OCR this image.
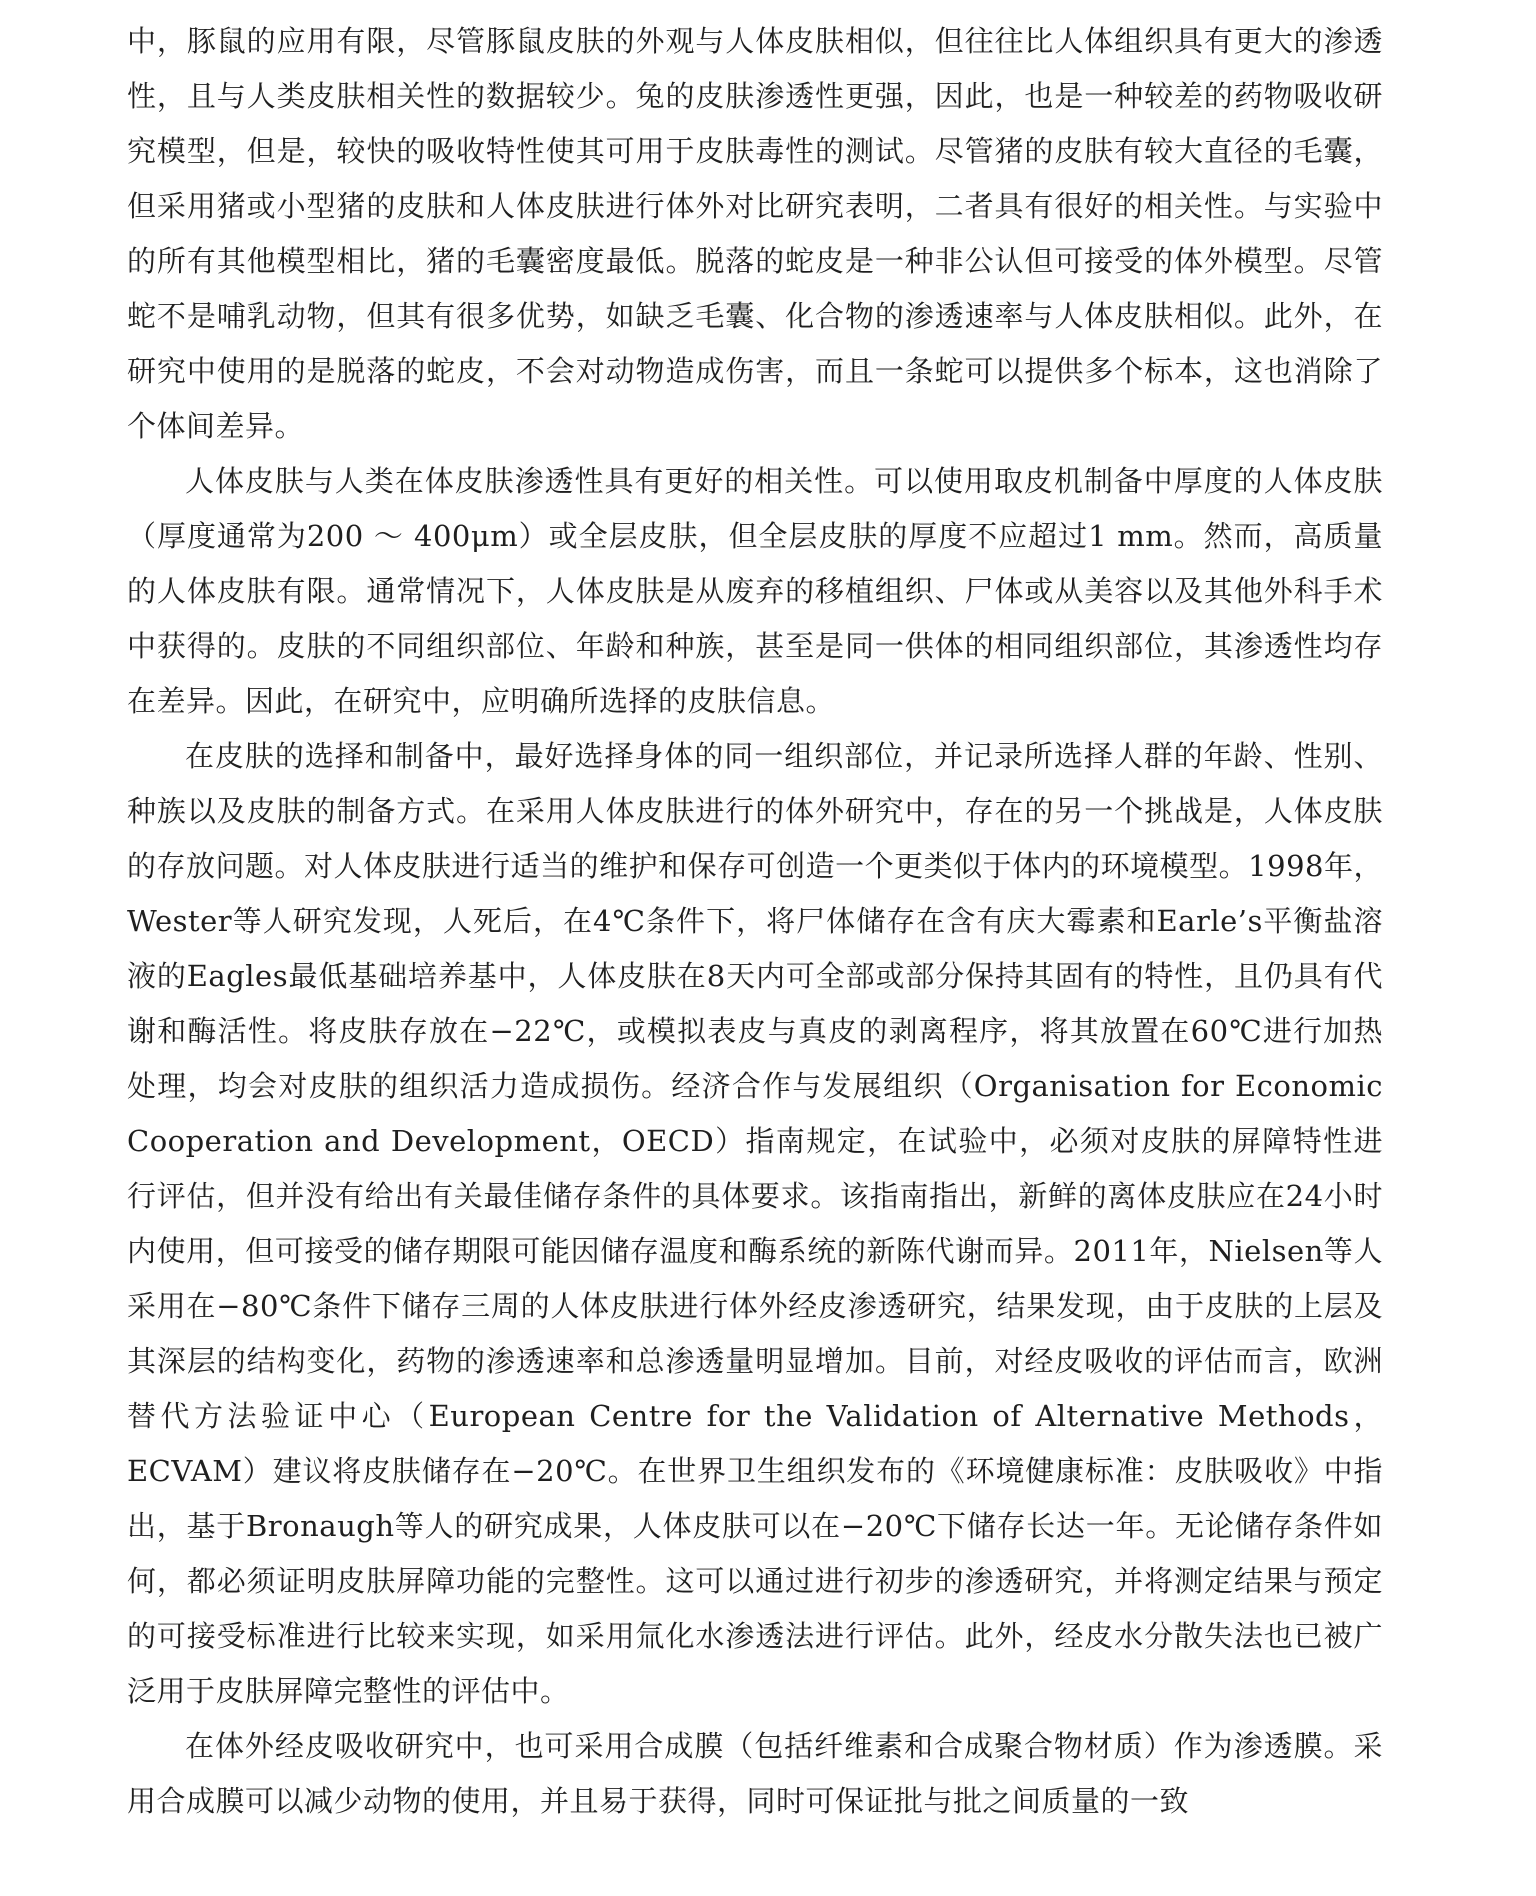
中，豚鼠的应用有限，尽管豚鼠皮肤的外观与人体皮肤相似，但往往比人体组织具有更大的渗透性，且与人类皮肤相关性的数据较少。兔的皮肤渗透性更强，因此，也是一种较差的药物吸收研究模型，但是，较快的吸收特性使其可用于皮肤毒性的测试。尽管猪的皮肤有较大直径的毛囊，但采用猪或小型猪的皮肤和人体皮肤进行体外对比研究表明，二者具有很好的相关性。与实验中的所有其他模型相比，猪的毛囊密度最低。脱落的蛇皮是一种非公认但可接受的体外模型。尽管蛇不是哺乳动物，但其有很多优势，如缺乏毛囊、化合物的渗透速率与人体皮肤相似。此外，在研究中使用的是脱落的蛇皮，不会对动物造成伤害，而且一条蛇可以提供多个标本，这也消除了个体间差异。

人体皮肤与人类在体皮肤渗透性具有更好的相关性。可以使用取皮机制备中厚度的人体皮肤（厚度通常为200 ～ 400μm）或全层皮肤，但全层皮肤的厚度不应超过1 mm。然而，高质量的人体皮肤有限。通常情况下，人体皮肤是从废弃的移植组织、尸体或从美容以及其他外科手术中获得的。皮肤的不同组织部位、年龄和种族，甚至是同一供体的相同组织部位，其渗透性均存在差异。因此，在研究中，应明确所选择的皮肤信息。

在皮肤的选择和制备中，最好选择身体的同一组织部位，并记录所选择人群的年龄、性别、种族以及皮肤的制备方式。在采用人体皮肤进行的体外研究中，存在的另一个挑战是，人体皮肤的存放问题。对人体皮肤进行适当的维护和保存可创造一个更类似于体内的环境模型。1998年，Wester等人研究发现，人死后，在4℃条件下，将尸体储存在含有庆大霉素和Earle’s平衡盐溶液的Eagles最低基础培养基中，人体皮肤在8天内可全部或部分保持其固有的特性，且仍具有代谢和酶活性。将皮肤存放在−22℃，或模拟表皮与真皮的剥离程序，将其放置在60℃进行加热处理，均会对皮肤的组织活力造成损伤。经济合作与发展组织（Organisation for Economic Cooperation and Development，OECD）指南规定，在试验中，必须对皮肤的屏障特性进行评估，但并没有给出有关最佳储存条件的具体要求。该指南指出，新鲜的离体皮肤应在24小时内使用，但可接受的储存期限可能因储存温度和酶系统的新陈代谢而异。2011年，Nielsen等人采用在−80℃条件下储存三周的人体皮肤进行体外经皮渗透研究，结果发现，由于皮肤的上层及其深层的结构变化，药物的渗透速率和总渗透量明显增加。目前，对经皮吸收的评估而言，欧洲替代方法验证中心（European Centre for the Validation of Alternative Methods，ECVAM）建议将皮肤储存在−20℃。在世界卫生组织发布的《环境健康标准：皮肤吸收》中指出，基于Bronaugh等人的研究成果，人体皮肤可以在−20℃下储存长达一年。无论储存条件如何，都必须证明皮肤屏障功能的完整性。这可以通过进行初步的渗透研究，并将测定结果与预定的可接受标准进行比较来实现，如采用氚化水渗透法进行评估。此外，经皮水分散失法也已被广泛用于皮肤屏障完整性的评估中。

在体外经皮吸收研究中，也可采用合成膜（包括纤维素和合成聚合物材质）作为渗透膜。采用合成膜可以减少动物的使用，并且易于获得，同时可保证批与批之间质量的一致
